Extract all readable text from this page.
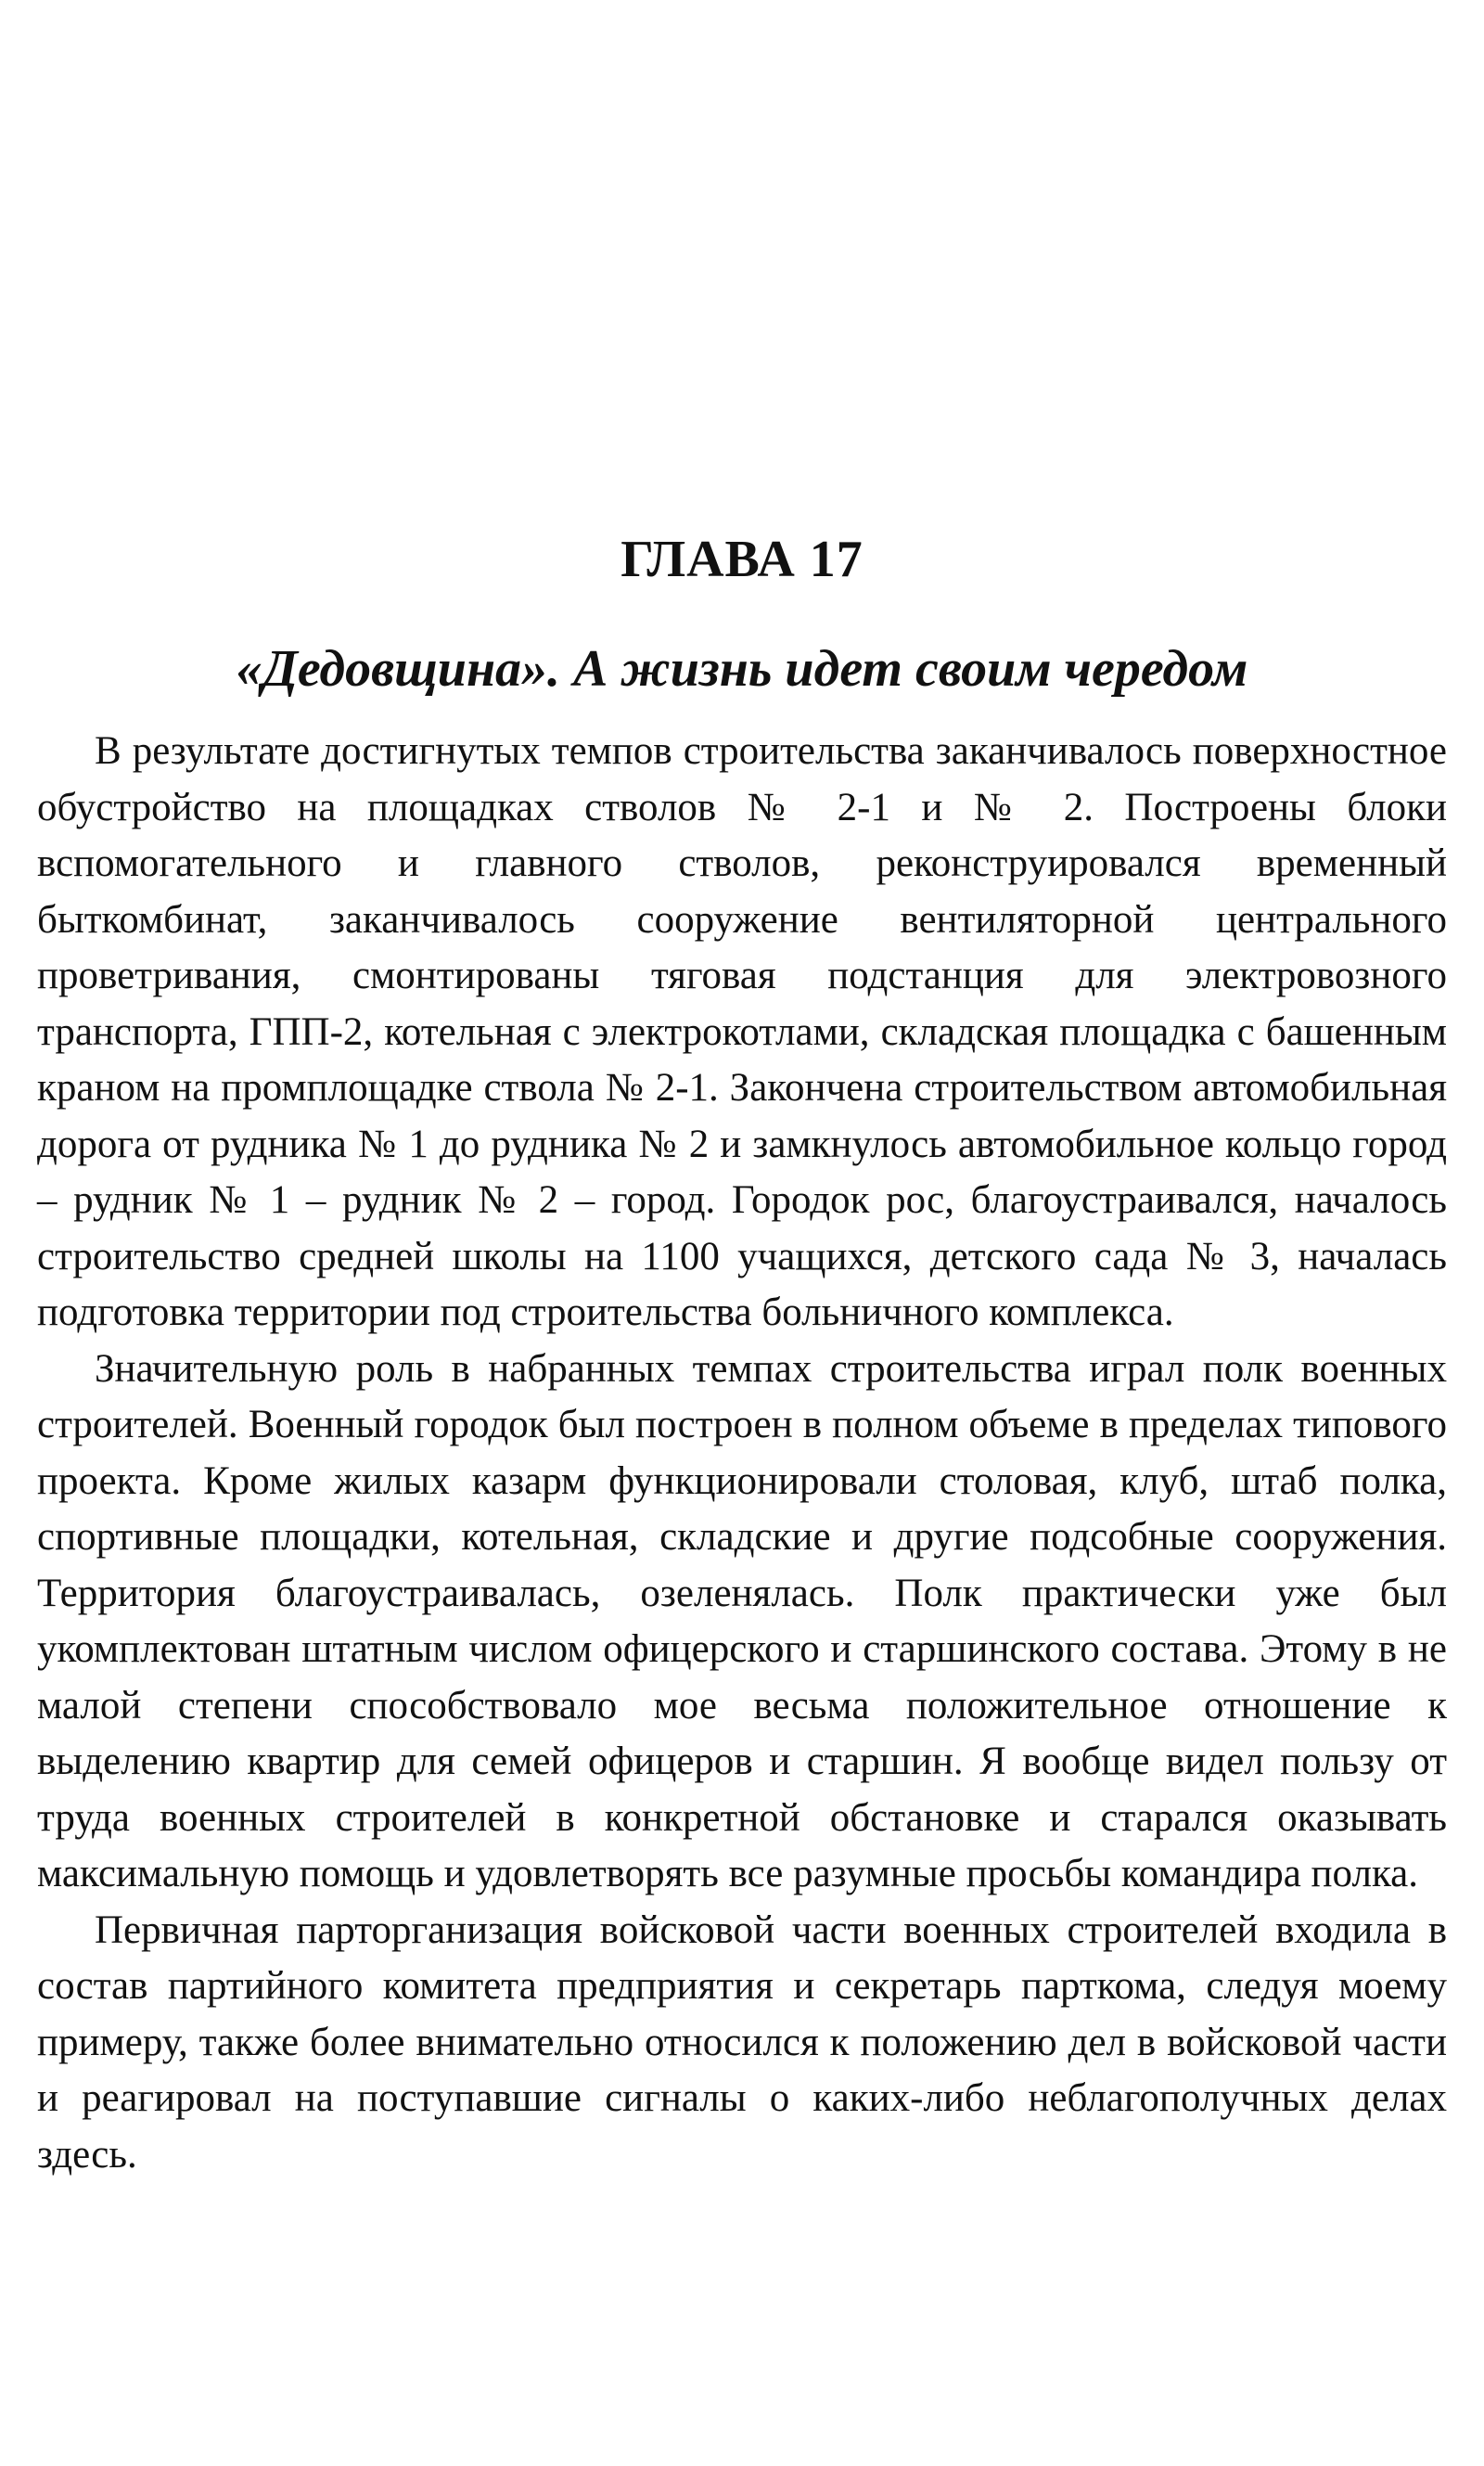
ГЛАВА 17
«Дедовщина». А жизнь идет своим чередом

В результате достигнутых темпов строительства заканчивалось поверхностное обустройство на площадках стволов № 2-1 и № 2. Построены блоки вспомогательного и главного стволов, реконструировался временный быткомбинат, заканчивалось сооружение вентиляторной центрального проветривания, смонтированы тяговая подстанция для электровозного транспорта, ГПП-2, котельная с электрокотлами, складская площадка с башенным краном на промплощадке ствола № 2-1. Закончена строительством автомобильная дорога от рудника № 1 до рудника № 2 и замкнулось автомобильное кольцо город – рудник № 1 – рудник № 2 – город. Городок рос, благоустраивался, началось строительство средней школы на 1100 учащихся, детского сада № 3, началась подготовка территории под строительства больничного комплекса.

Значительную роль в набранных темпах строительства играл полк военных строителей. Военный городок был построен в полном объеме в пределах типового проекта. Кроме жилых казарм функционировали столовая, клуб, штаб полка, спортивные площадки, котельная, складские и другие подсобные сооружения. Территория благоустраивалась, озеленялась. Полк практически уже был укомплектован штатным числом офицерского и старшинского состава. Этому в не малой степени способствовало мое весьма положительное отношение к выделению квартир для семей офицеров и старшин. Я вообще видел пользу от труда военных строителей в конкретной обстановке и старался оказывать максимальную помощь и удовлетворять все разумные просьбы командира полка.

Первичная парторганизация войсковой части военных строителей входила в состав партийного комитета предприятия и секретарь парткома, следуя моему примеру, также более внимательно относился к положению дел в войсковой части и реагировал на поступавшие сигналы о каких-либо неблагополучных делах здесь.
